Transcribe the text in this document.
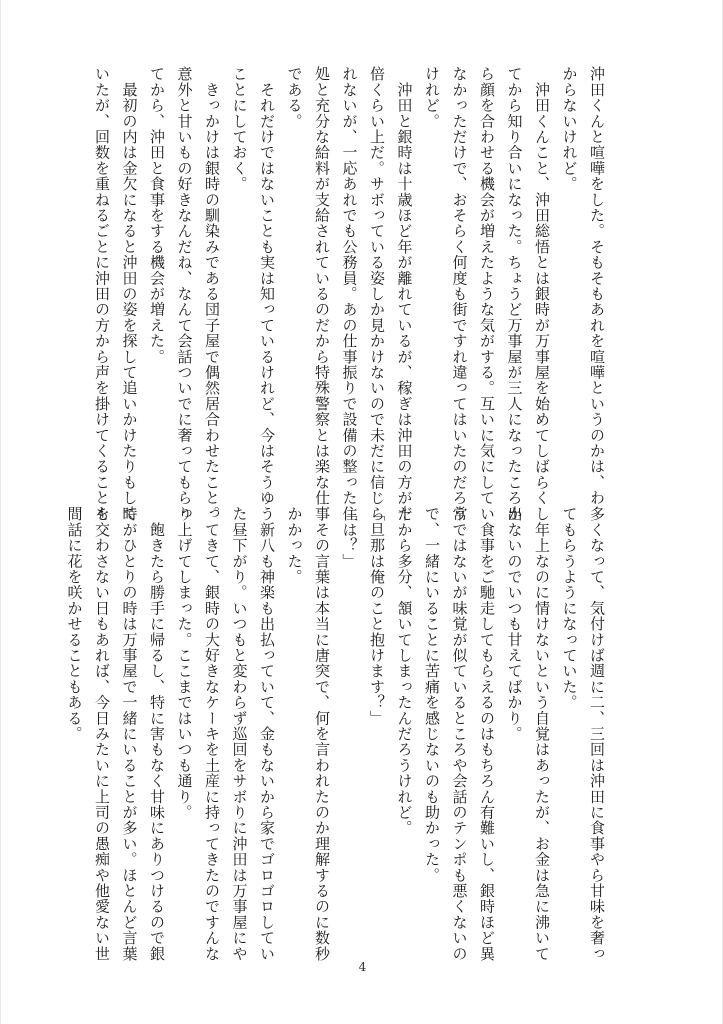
沖田くんと喧嘩をした。そもそもあれを喧嘩というのかは、わ

からないけれど。

　沖田くんこと、沖田総悟とは銀時が万事屋を始めてしばらくし

てから知り合いになった。ちょうど万事屋が三人になったころか

ら顔を合わせる機会が増えたような気がする。互いに気にしてい

なかっただけで、おそらく何度も街ですれ違ってはいたのだろう

けれど。

　沖田と銀時は十歳ほど年が離れているが、稼ぎは沖田の方が十

倍くらい上だ。サボっている姿しか見かけないので未だに信じら

れないが、一応あれでも公務員。あの仕事振りで設備の整った住

処と充分な給料が支給されているのだから特殊警察とは楽な仕事

である。

　それだけではないことも実は知っているけれど、今はそうゆう

ことにしておく。

　きっかけは銀時の馴染みである団子屋で偶然居合わせたこと。

意外と甘いもの好きなんだね、なんて会話ついでに奢ってもらっ

てから、沖田と食事をする機会が増えた。

　最初の内は金欠になると沖田の姿を探して追いかけたりもして

いたが、回数を重ねるごとに沖田の方から声を掛けてくることも

多くなって、気付けば週に二、三回は沖田に食事やら甘味を奢っ

てもらうようになっていた。

　年上なのに情けないという自覚はあったが、お金は急に沸いて

出ないのでいつも甘えてばかり。

　食事をご馳走してもらえるのはもちろん有難いし、銀時ほど異

常ではないが味覚が似ているところや会話のテンポも悪くないの

で、一緒にいることに苦痛を感じないのも助かった。

だから多分、頷いてしまったんだろうけれど。

「旦那は俺のこと抱けます？」

「は？」

　その言葉は本当に唐突で、何を言われたのか理解するのに数秒

かかった。

　新八も神楽も出払っていて、金もないから家でゴロゴロしてい

た昼下がり。いつもと変わらず巡回をサボりに沖田は万事屋にや

ってきて、銀時の大好きなケーキを土産に持ってきたのですんな

り上げてしまった。ここまではいつも通り。

　飽きたら勝手に帰るし、特に害もなく甘味にありつけるので銀

時がひとりの時は万事屋で一緒にいることが多い。ほとんど言葉

を交わさない日もあれば、今日みたいに上司の愚痴や他愛ない世

間話に花を咲かせることもある。

4
